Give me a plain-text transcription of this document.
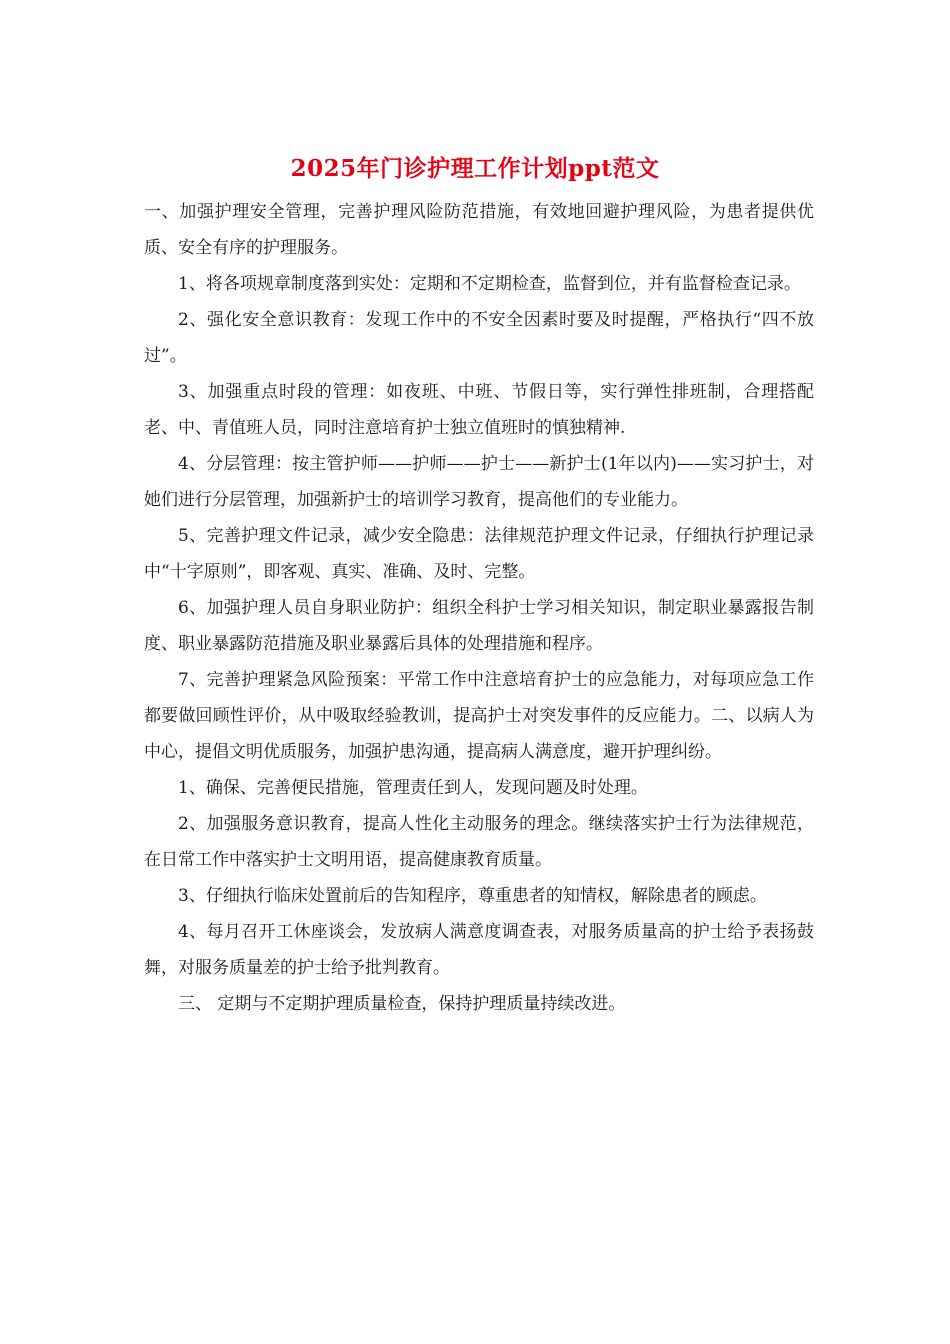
2025年门诊护理工作计划ppt范文

一、加强护理安全管理，完善护理风险防范措施，有效地回避护理风险，为患者提供优质、安全有序的护理服务。

1、将各项规章制度落到实处：定期和不定期检查，监督到位，并有监督检查记录。

2、强化安全意识教育：发现工作中的不安全因素时要及时提醒，严格执行“四不放过”。

3、加强重点时段的管理：如夜班、中班、节假日等，实行弹性排班制，合理搭配老、中、青值班人员，同时注意培育护士独立值班时的慎独精神.

4、分层管理：按主管护师——护师——护士——新护士(1年以内)——实习护士，对她们进行分层管理，加强新护士的培训学习教育，提高他们的专业能力。

5、完善护理文件记录，减少安全隐患：法律规范护理文件记录，仔细执行护理记录中“十字原则”，即客观、真实、准确、及时、完整。

6、加强护理人员自身职业防护：组织全科护士学习相关知识，制定职业暴露报告制度、职业暴露防范措施及职业暴露后具体的处理措施和程序。

7、完善护理紧急风险预案：平常工作中注意培育护士的应急能力，对每项应急工作都要做回顾性评价，从中吸取经验教训，提高护士对突发事件的反应能力。二、以病人为中心，提倡文明优质服务，加强护患沟通，提高病人满意度，避开护理纠纷。

1、确保、完善便民措施，管理责任到人，发现问题及时处理。

2、加强服务意识教育，提高人性化主动服务的理念。继续落实护士行为法律规范，在日常工作中落实护士文明用语，提高健康教育质量。

3、仔细执行临床处置前后的告知程序，尊重患者的知情权，解除患者的顾虑。

4、每月召开工休座谈会，发放病人满意度调查表，对服务质量高的护士给予表扬鼓舞，对服务质量差的护士给予批判教育。

三、 定期与不定期护理质量检查，保持护理质量持续改进。
